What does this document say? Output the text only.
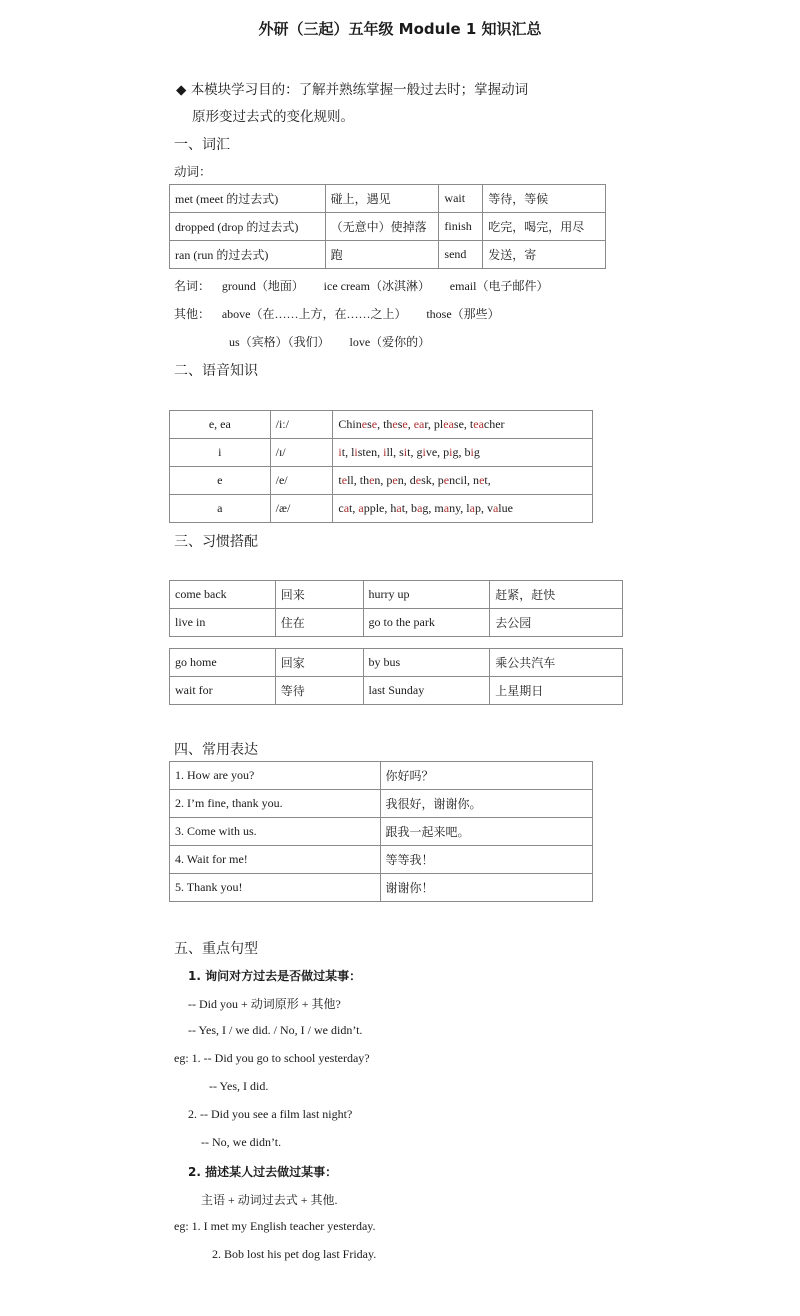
外研（三起）五年级 Module 1 知识汇总
◆ 本模块学习目的：了解并熟练掌握一般过去时；掌握动词
原形变过去式的变化规则。
一、词汇
动词：
met (meet 的过去式)	碰上，遇见	wait	等待，等候
dropped (drop 的过去式)	（无意中）使掉落	finish	吃完，喝完，用尽
ran (run 的过去式)	跑	send	发送，寄
名词： ground（地面） ice cream（冰淇淋） email（电子邮件）
其他： above（在……上方，在……之上） those（那些）
us（宾格）（我们） love（爱你的）
二、语音知识
e, ea	/iː/	Chinese, these, ear, please, teacher
i	/ɪ/	it, listen, ill, sit, give, pig, big
e	/e/	tell, then, pen, desk, pencil, net,
a	/æ/	cat, apple, hat, bag, many, lap, value
三、习惯搭配
come back	回来	hurry up	赶紧，赶快
live in	住在	go to the park	去公园
go home	回家	by bus	乘公共汽车
wait for	等待	last Sunday	上星期日
四、常用表达
1. How are you?	你好吗？
2. I’m fine, thank you.	我很好，谢谢你。
3. Come with us.	跟我一起来吧。
4. Wait for me!	等等我！
5. Thank you!	谢谢你！
五、重点句型
1. 询问对方过去是否做过某事：
-- Did you + 动词原形 + 其他?
-- Yes, I / we did. / No, I / we didn’t.
eg: 1. -- Did you go to school yesterday?
-- Yes, I did.
2. -- Did you see a film last night?
-- No, we didn’t.
2. 描述某人过去做过某事：
主语 + 动词过去式 + 其他.
eg: 1. I met my English teacher yesterday.
2. Bob lost his pet dog last Friday.
